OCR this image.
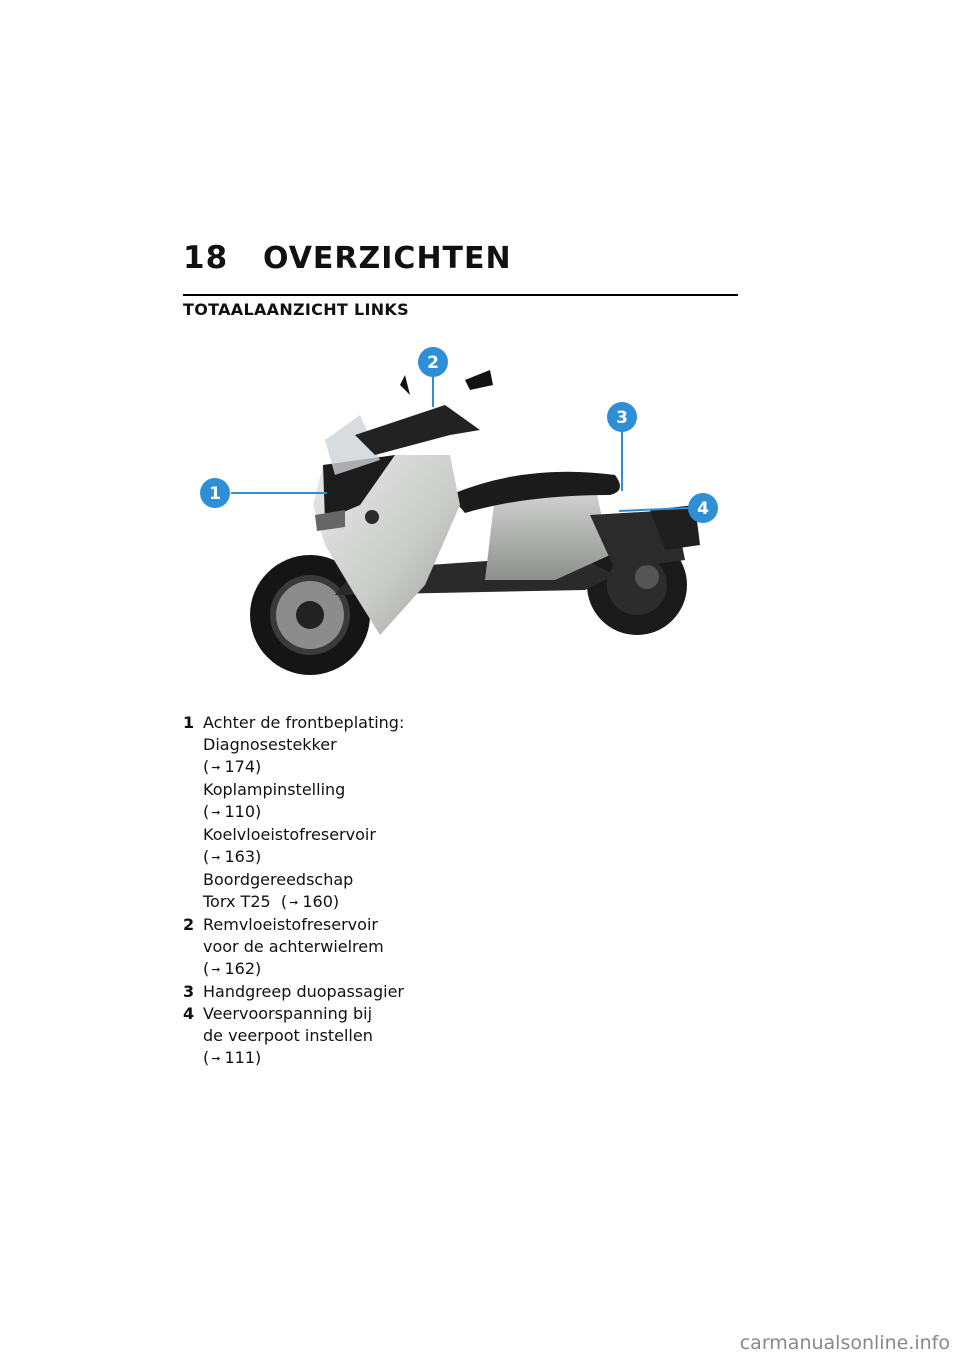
18	OVERZICHTEN
TOTAALAANZICHT LINKS
1
2
3
4
1 Achter de frontbeplating:
Diagnosestekker
( ➞ 174)
Koplampinstelling
( ➞ 110)
Koelvloeistofreservoir
( ➞ 163)
Boordgereedschap
Torx T25 ( ➞ 160)
2 Remvloeistofreservoir
voor de achterwielrem
( ➞ 162)
3 Handgreep duopassagier
4 Veervoorspanning bij
de veerpoot instellen
( ➞ 111)
carmanualsonline.info
